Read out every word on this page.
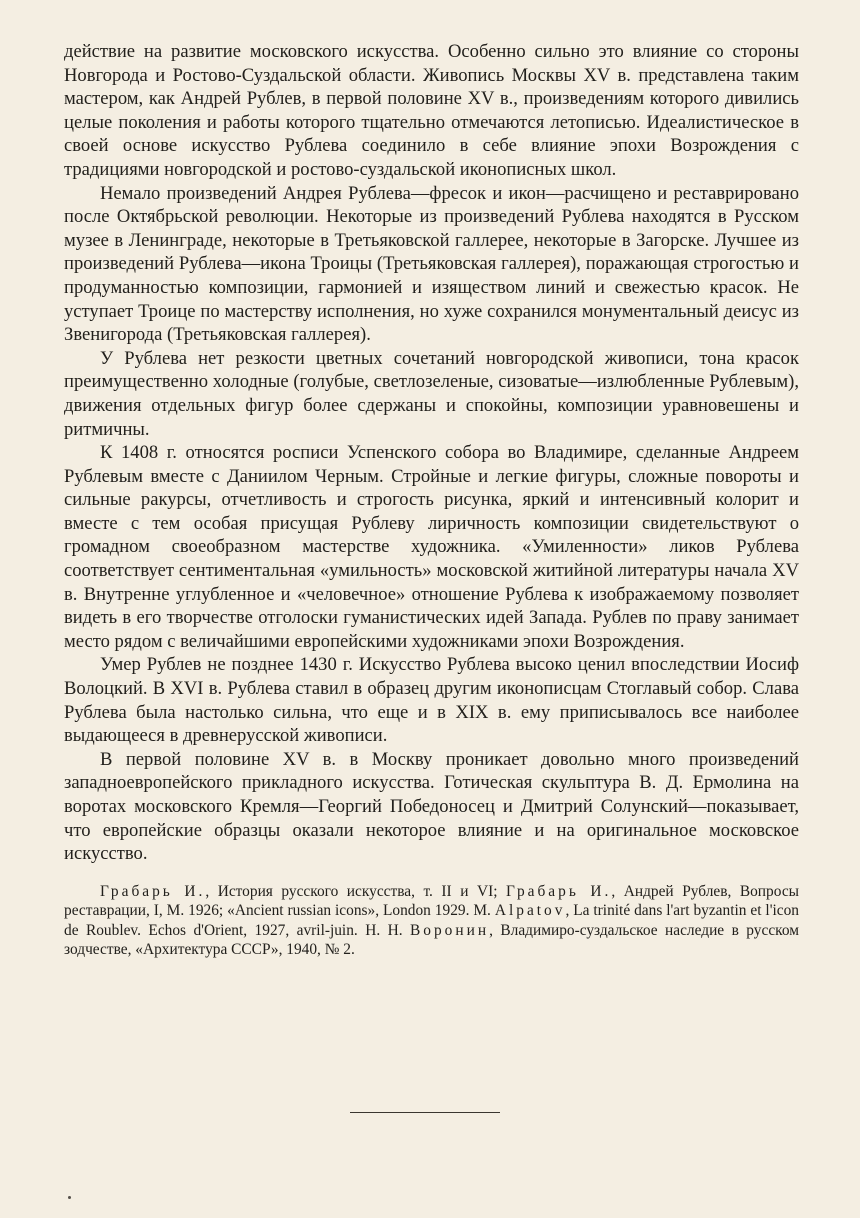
действие на развитие московского искусства. Особенно сильно это влияние со стороны Новгорода и Ростово-Суздальской области. Живопись Москвы XV в. представлена таким мастером, как Андрей Рублев, в первой половине XV в., произведениям которого дивились целые поколения и работы которого тщательно отмечаются летописью. Идеалистическое в своей основе искусство Рублева соединило в себе влияние эпохи Возрождения с традициями новгородской и ростово-суздальской иконописных школ.

Немало произведений Андрея Рублева—фресок и икон—расчищено и реставрировано после Октябрьской революции. Некоторые из произведений Рублева находятся в Русском музее в Ленинграде, некоторые в Третьяковской галлерее, некоторые в Загорске. Лучшее из произведений Рублева—икона Троицы (Третьяковская галлерея), поражающая строгостью и продуманностью композиции, гармонией и изяществом линий и свежестью красок. Не уступает Троице по мастерству исполнения, но хуже сохранился монументальный деисус из Звенигорода (Третьяковская галлерея).

У Рублева нет резкости цветных сочетаний новгородской живописи, тона красок преимущественно холодные (голубые, светлозеленые, сизоватые—излюбленные Рублевым), движения отдельных фигур более сдержаны и спокойны, композиции уравновешены и ритмичны.

К 1408 г. относятся росписи Успенского собора во Владимире, сделанные Андреем Рублевым вместе с Даниилом Черным. Стройные и легкие фигуры, сложные повороты и сильные ракурсы, отчетливость и строгость рисунка, яркий и интенсивный колорит и вместе с тем особая присущая Рублеву лиричность композиции свидетельствуют о громадном своеобразном мастерстве художника. «Умиленности» ликов Рублева соответствует сентиментальная «умильность» московской житийной литературы начала XV в. Внутренне углубленное и «человечное» отношение Рублева к изображаемому позволяет видеть в его творчестве отголоски гуманистических идей Запада. Рублев по праву занимает место рядом с величайшими европейскими художниками эпохи Возрождения.

Умер Рублев не позднее 1430 г. Искусство Рублева высоко ценил впоследствии Иосиф Волоцкий. В XVI в. Рублева ставил в образец другим иконописцам Стоглавый собор. Слава Рублева была настолько сильна, что еще и в XIX в. ему приписывалось все наиболее выдающееся в древнерусской живописи.

В первой половине XV в. в Москву проникает довольно много произведений западноевропейского прикладного искусства. Готическая скульптура В. Д. Ермолина на воротах московского Кремля—Георгий Победоносец и Дмитрий Солунский—показывает, что европейские образцы оказали некоторое влияние и на оригинальное московское искусство.

Грабарь И., История русского искусства, т. II и VI; Грабарь И., Андрей Рублев, Вопросы реставрации, I, М. 1926; «Ancient russian icons», London 1929. M. Alpatov, La trinité dans l'art byzantin et l'icon de Roublev. Echos d'Orient, 1927, avril-juin. Н. Н. Воронин, Владимиро-суздальское наследие в русском зодчестве, «Архитектура СССР», 1940, № 2.
